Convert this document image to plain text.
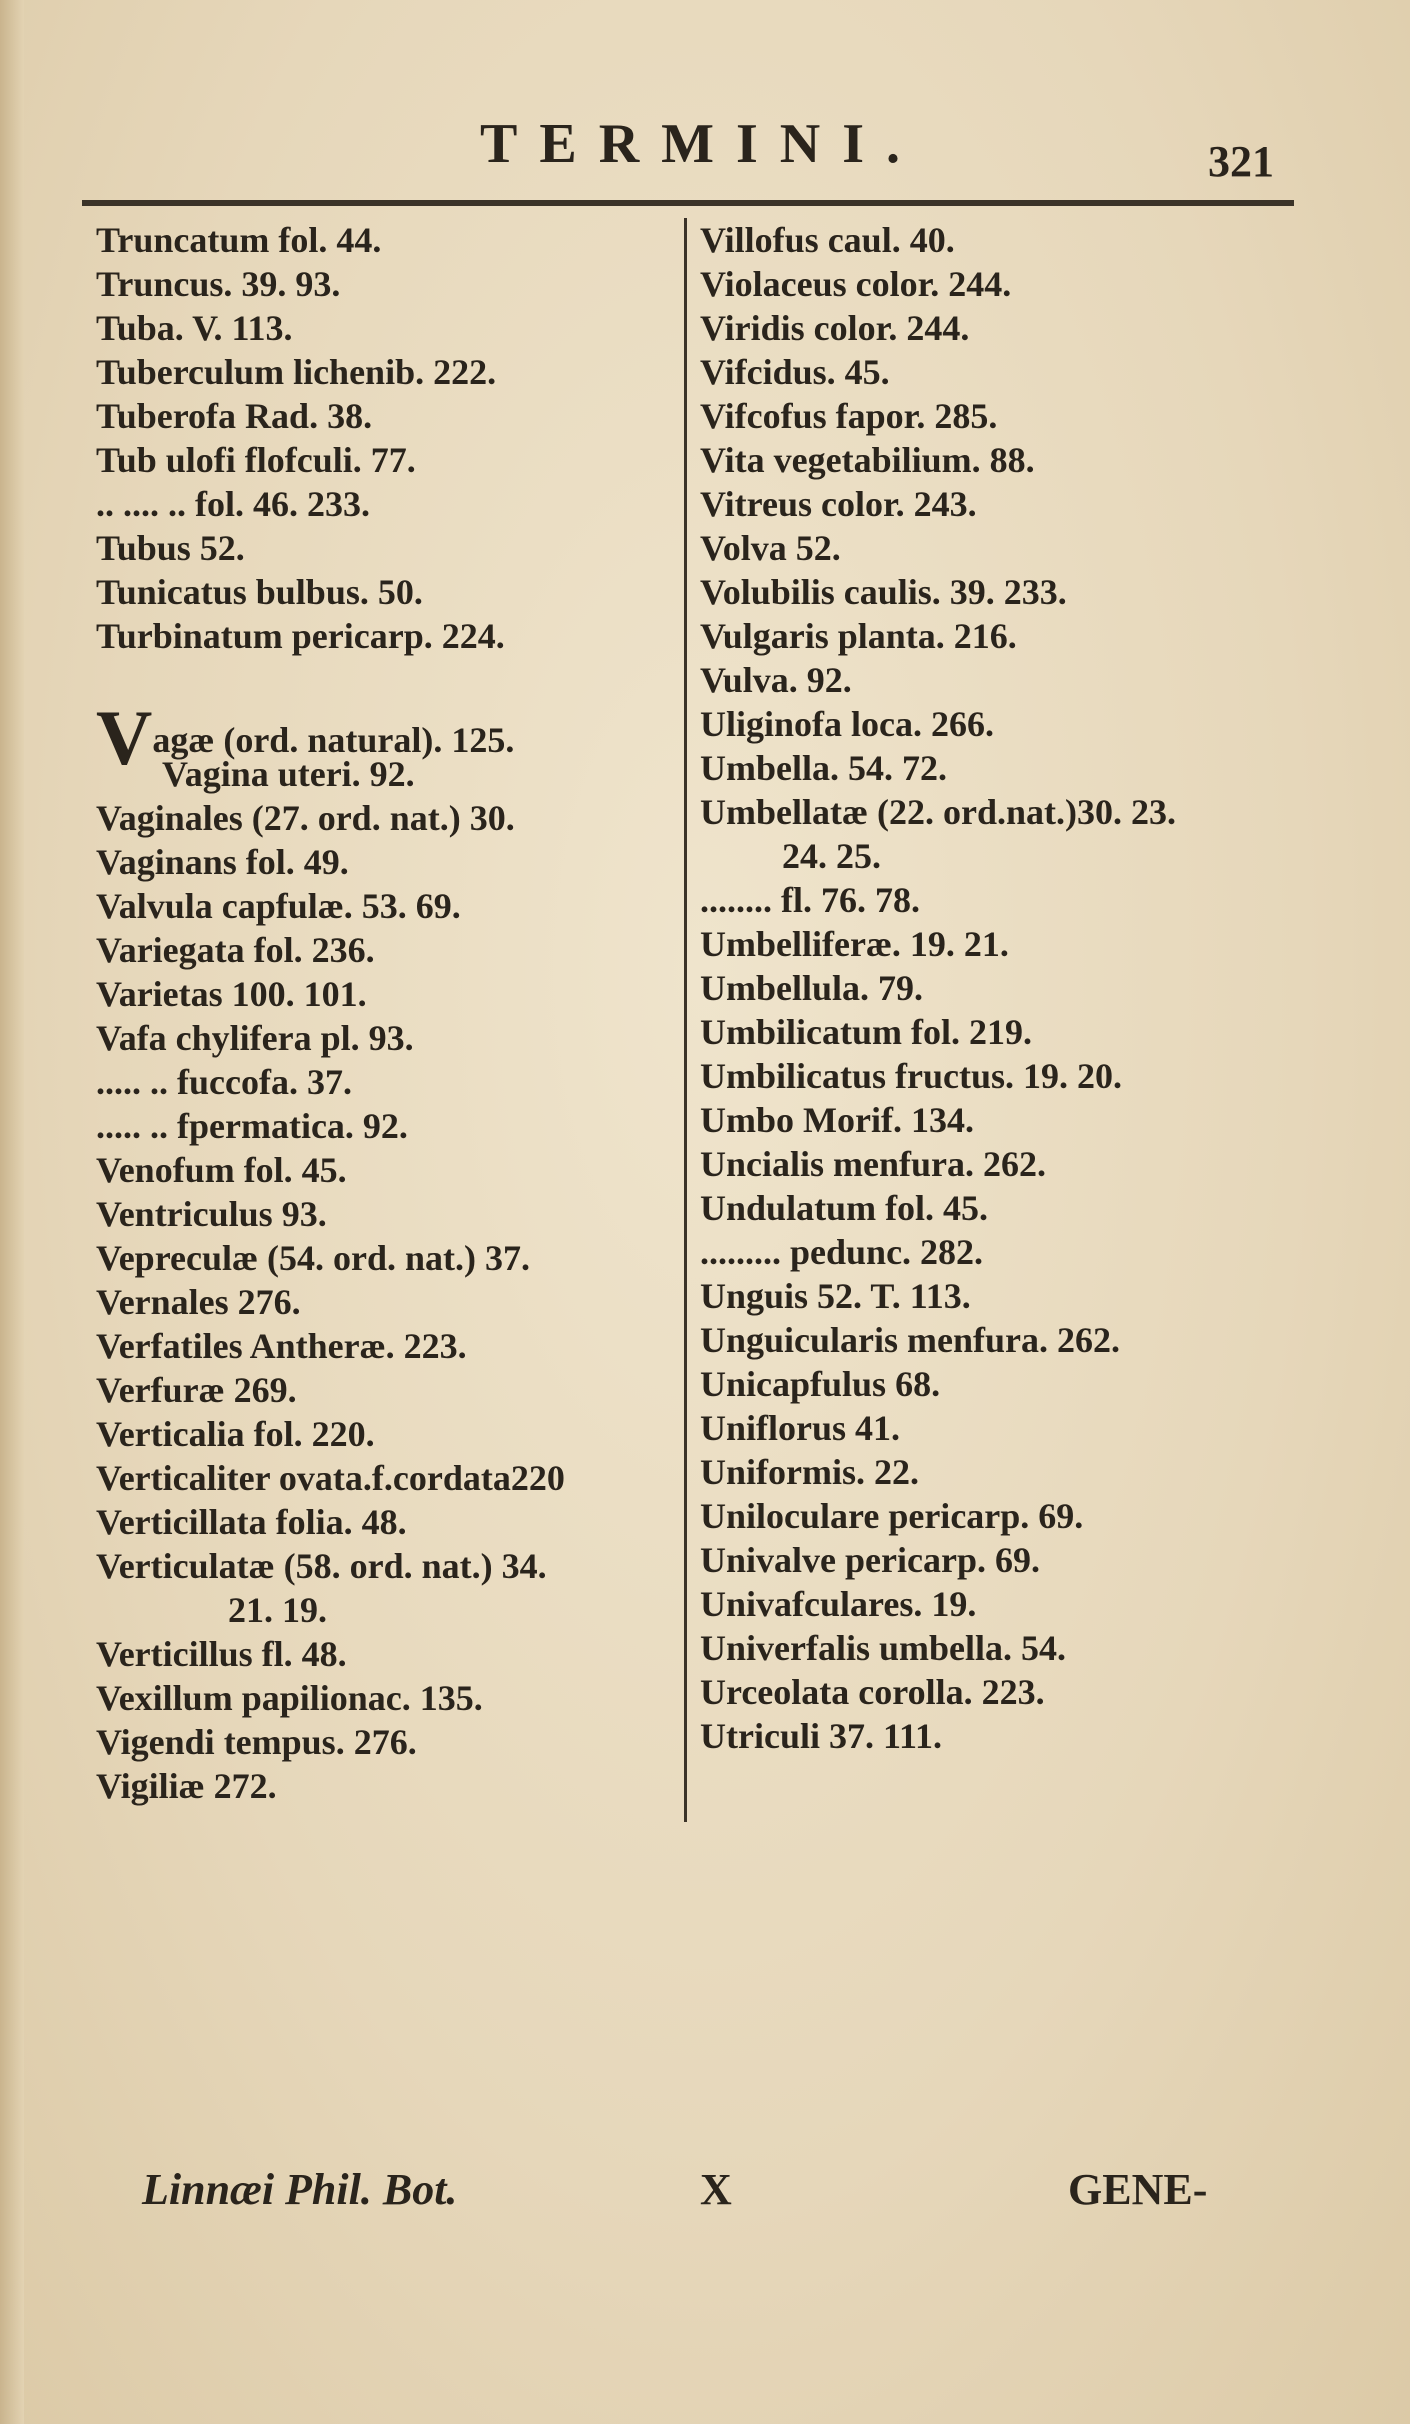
TERMINI.	321
Truncatum fol. 44.
Truncus. 39. 93.
Tuba. V. 113.
Tuberculum lichenib. 222.
Tuberofa Rad. 38.
Tub ulofi flofculi. 77.
.. .... .. fol. 46. 233.
Tubus 52.
Tunicatus bulbus. 50.
Turbinatum pericarp. 224.
Vagæ (ord. natural). 125.
Vagina uteri. 92.
Vaginales (27. ord. nat.) 30.
Vaginans fol. 49.
Valvula capfulæ. 53. 69.
Variegata fol. 236.
Varietas 100. 101.
Vafa chylifera pl. 93.
..... .. fuccofa. 37.
..... .. fpermatica. 92.
Venofum fol. 45.
Ventriculus 93.
Vepreculæ (54. ord. nat.) 37.
Vernales 276.
Verfatiles Antheræ. 223.
Verfuræ 269.
Verticalia fol. 220.
Verticaliter ovata.f.cordata220
Verticillata folia. 48.
Verticulatæ (58. ord. nat.) 34.
21. 19.
Verticillus fl. 48.
Vexillum papilionac. 135.
Vigendi tempus. 276.
Vigiliæ 272.
Villofus caul. 40.
Violaceus color. 244.
Viridis color. 244.
Vifcidus. 45.
Vifcofus fapor. 285.
Vita vegetabilium. 88.
Vitreus color. 243.
Volva 52.
Volubilis caulis. 39. 233.
Vulgaris planta. 216.
Vulva. 92.
Uliginofa loca. 266.
Umbella. 54. 72.
Umbellatæ (22. ord.nat.)30. 23.
24. 25.
........ fl. 76. 78.
Umbelliferæ. 19. 21.
Umbellula. 79.
Umbilicatum fol. 219.
Umbilicatus fructus. 19. 20.
Umbo Morif. 134.
Uncialis menfura. 262.
Undulatum fol. 45.
......... pedunc. 282.
Unguis 52. T. 113.
Unguicularis menfura. 262.
Unicapfulus 68.
Uniflorus 41.
Uniformis. 22.
Uniloculare pericarp. 69.
Univalve pericarp. 69.
Univafculares. 19.
Univerfalis umbella. 54.
Urceolata corolla. 223.
Utriculi 37. 111.
Linnæi Phil. Bot.	X	GENE-
